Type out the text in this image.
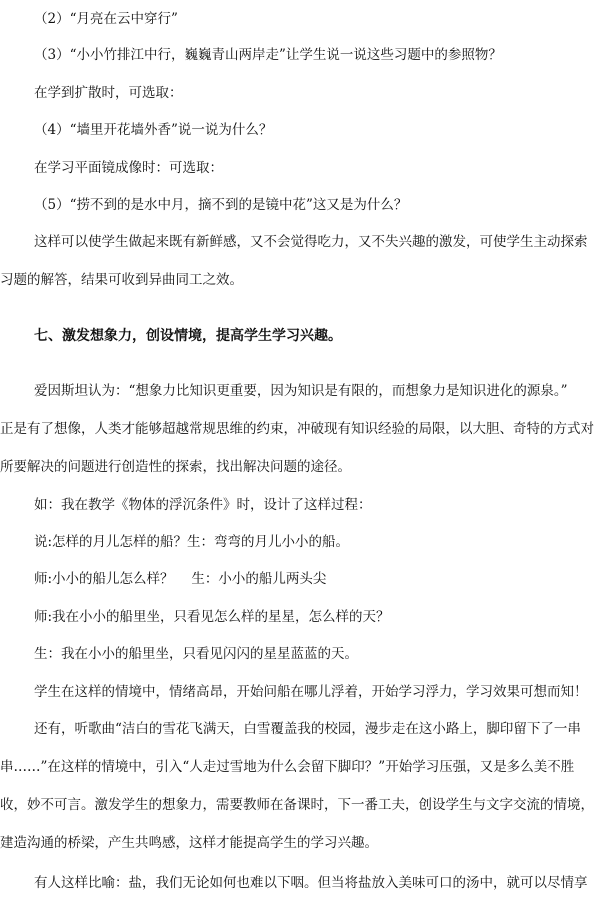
（2）“月亮在云中穿行”
（3）“小小竹排江中行，巍巍青山两岸走”让学生说一说这些习题中的参照物？
在学到扩散时，可选取：
（4）“墙里开花墙外香”说一说为什么？
在学习平面镜成像时：可选取：
（5）“捞不到的是水中月，摘不到的是镜中花”这又是为什么？
这样可以使学生做起来既有新鲜感，又不会觉得吃力，又不失兴趣的激发，可使学生主动探索
习题的解答，结果可收到异曲同工之效。
七、激发想象力，创设情境，提高学生学习兴趣。
爱因斯坦认为：“想象力比知识更重要，因为知识是有限的，而想象力是知识进化的源泉。”
正是有了想像，人类才能够超越常规思维的约束，冲破现有知识经验的局限，以大胆、奇特的方式对
所要解决的问题进行创造性的探索，找出解决问题的途径。
如：我在教学《物体的浮沉条件》时，设计了这样过程：
说:怎样的月儿怎样的船？生：弯弯的月儿小小的船。
师:小小的船儿怎么样？　 生：小小的船儿两头尖
师:我在小小的船里坐，只看见怎么样的星星，怎么样的天？
生：我在小小的船里坐，只看见闪闪的星星蓝蓝的天。
学生在这样的情境中，情绪高昂，开始问船在哪儿浮着，开始学习浮力，学习效果可想而知！
还有，听歌曲“洁白的雪花飞满天，白雪覆盖我的校园，漫步走在这小路上，脚印留下了一串
串……”在这样的情境中，引入“人走过雪地为什么会留下脚印？”开始学习压强，又是多么美不胜
收，妙不可言。激发学生的想象力，需要教师在备课时，下一番工夫，创设学生与文字交流的情境，
建造沟通的桥梁，产生共鸣感，这样才能提高学生的学习兴趣。
有人这样比喻：盐，我们无论如何也难以下咽。但当将盐放入美味可口的汤中，就可以尽情享
